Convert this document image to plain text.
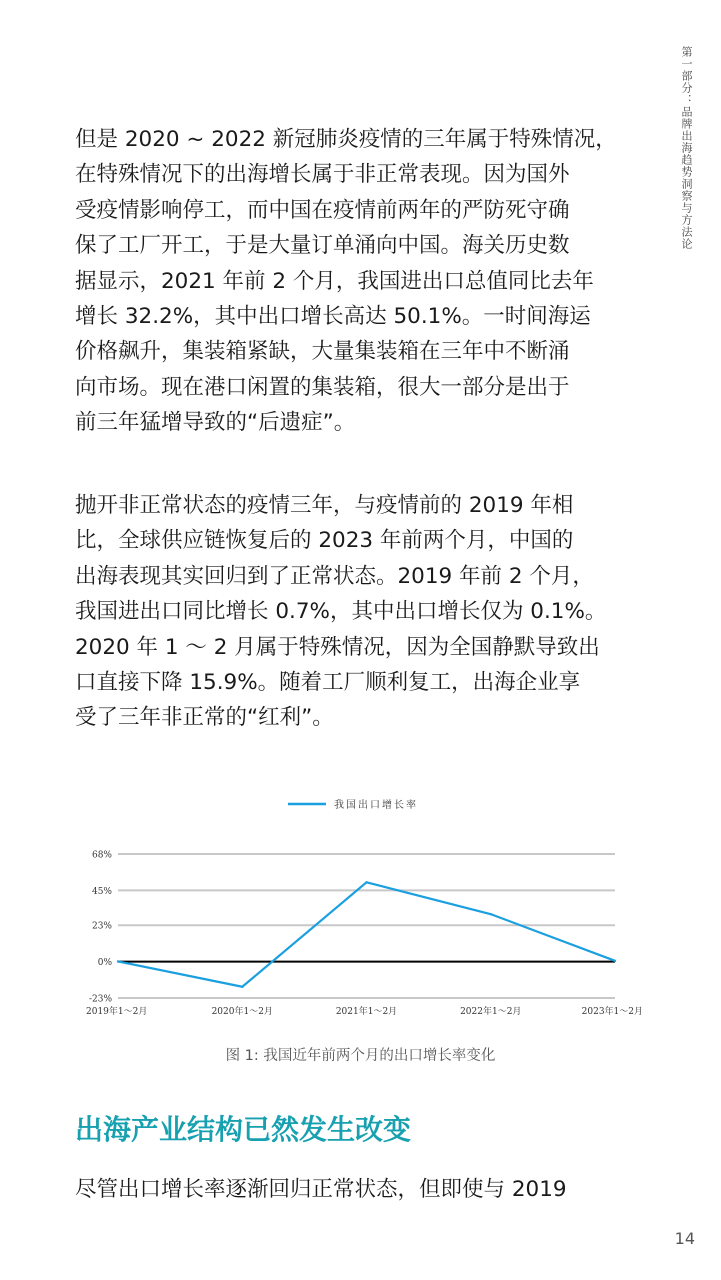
第一部分：品牌出海趋势洞察与方法论
但是 2020 ~ 2022 新冠肺炎疫情的三年属于特殊情况，
在特殊情况下的出海增长属于非正常表现。因为国外
受疫情影响停工，而中国在疫情前两年的严防死守确
保了工厂开工，于是大量订单涌向中国。海关历史数
据显示，2021 年前 2 个月，我国进出口总值同比去年
增长 32.2%，其中出口增长高达 50.1%。一时间海运
价格飙升，集装箱紧缺，大量集装箱在三年中不断涌
向市场。现在港口闲置的集装箱，很大一部分是出于
前三年猛增导致的“后遗症”。
抛开非正常状态的疫情三年，与疫情前的 2019 年相
比，全球供应链恢复后的 2023 年前两个月，中国的
出海表现其实回归到了正常状态。2019 年前 2 个月，
我国进出口同比增长 0.7%，其中出口增长仅为 0.1%。
2020 年 1 ～ 2 月属于特殊情况，因为全国静默导致出
口直接下降 15.9%。随着工厂顺利复工，出海企业享
受了三年非正常的“红利”。
-23%
0%
23%
45%
68%
2019年1～2月	2020年1～2月	2021年1～2月	2022年1～2月	2023年1～2月
我国出口增长率
图 1: 我国近年前两个月的出口增长率变化
出海产业结构已然发生改变
尽管出口增长率逐渐回归正常状态，但即使与 2019
14
